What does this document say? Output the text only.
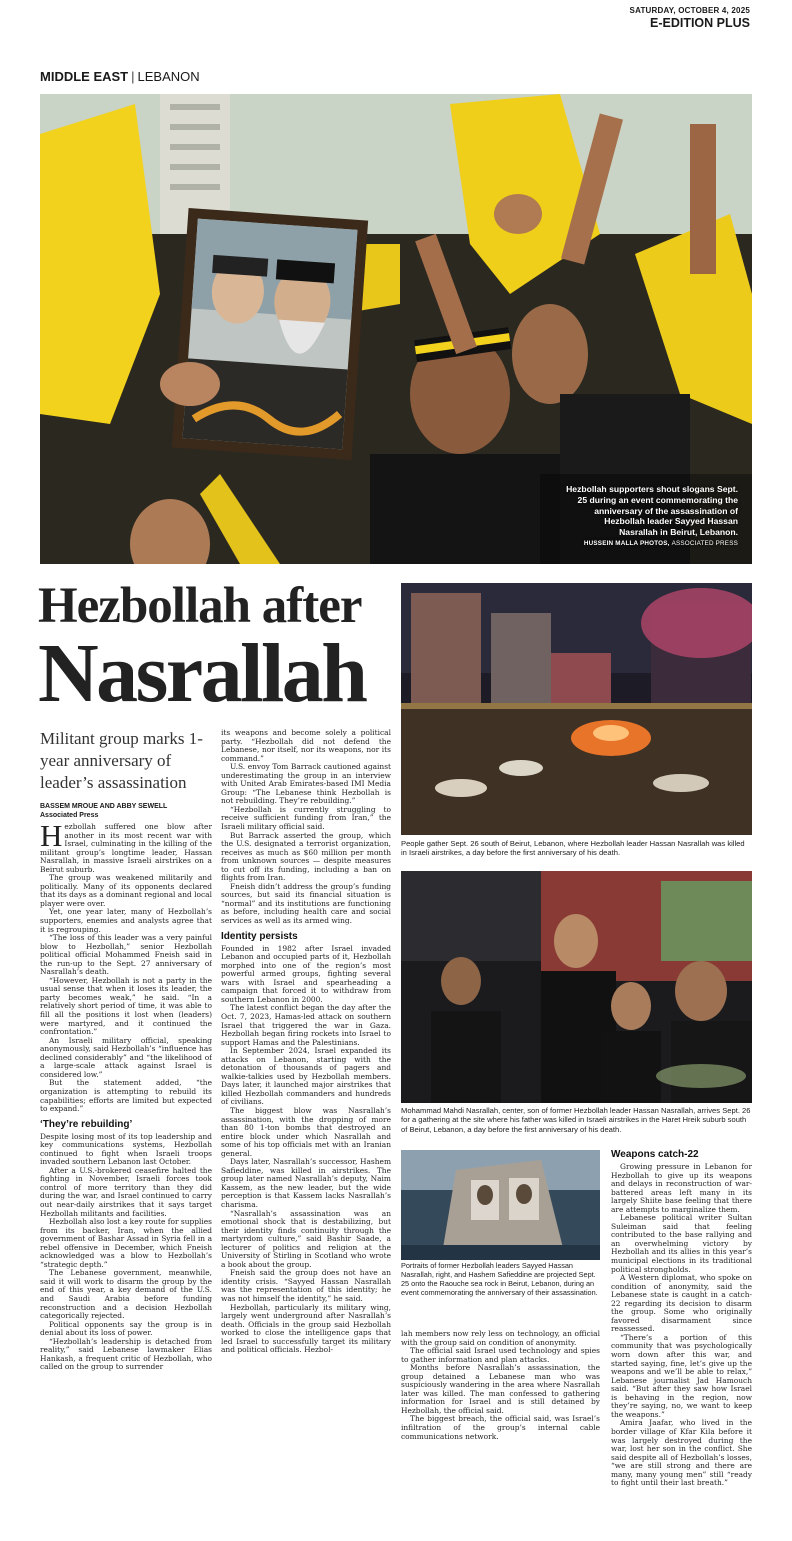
SATURDAY, OCTOBER 4, 2025
E-EDITION PLUS
MIDDLE EAST | LEBANON
Hezbollah supporters shout slogans Sept. 25 during an event commemorating the anniversary of the assassination of Hezbollah leader Sayyed Hassan Nasrallah in Beirut, Lebanon.
HUSSEIN MALLA PHOTOS, ASSOCIATED PRESS
Hezbollah after
Nasrallah
Militant group marks 1-year anniversary of leader’s assassination
BASSEM MROUE AND ABBY SEWELL
Associated Press

Hezbollah suffered one blow after another in its most recent war with Israel, culminating in the killing of the militant group’s longtime leader, Hassan Nasrallah, in massive Israeli airstrikes on a Beirut suburb.

The group was weakened militarily and politically. Many of its opponents declared that its days as a dominant regional and local player were over.

Yet, one year later, many of Hezbollah’s supporters, enemies and analysts agree that it is regrouping.

“The loss of this leader was a very painful blow to Hezbollah,” senior Hezbollah political official Mohammed Fneish said in the run-up to the Sept. 27 anniversary of Nasrallah’s death.

“However, Hezbollah is not a party in the usual sense that when it loses its leader, the party becomes weak,” he said. “In a relatively short period of time, it was able to fill all the positions it lost when (leaders) were martyred, and it continued the confrontation.”

An Israeli military official, speaking anonymously, said Hezbollah’s “influence has declined considerably” and “the likelihood of a large-scale attack against Israel is considered low.”

But the statement added, “the organization is attempting to rebuild its capabilities; efforts are limited but expected to expand.”

‘They’re rebuilding’

Despite losing most of its top leadership and key communications systems, Hezbollah continued to fight when Israeli troops invaded southern Lebanon last October.

After a U.S.-brokered ceasefire halted the fighting in November, Israeli forces took control of more territory than they did during the war, and Israel continued to carry out near-daily airstrikes that it says target Hezbollah militants and facilities.

Hezbollah also lost a key route for supplies from its backer, Iran, when the allied government of Bashar Assad in Syria fell in a rebel offensive in December, which Fneish acknowledged was a blow to Hezbollah’s “strategic depth.”

The Lebanese government, meanwhile, said it will work to disarm the group by the end of this year, a key demand of the U.S. and Saudi Arabia before funding reconstruction and a decision Hezbollah categorically rejected.

Political opponents say the group is in denial about its loss of power.

“Hezbollah’s leadership is detached from reality,” said Lebanese lawmaker Elias Hankash, a frequent critic of Hezbollah, who called on the group to surrender

its weapons and become solely a political party. “Hezbollah did not defend the Lebanese, nor itself, nor its weapons, nor its command.”

U.S. envoy Tom Barrack cautioned against underestimating the group in an interview with United Arab Emirates-based IMI Media Group: “The Lebanese think Hezbollah is not rebuilding. They’re rebuilding.”

“Hezbollah is currently struggling to receive sufficient funding from Iran,” the Israeli military official said.

But Barrack asserted the group, which the U.S. designated a terrorist organization, receives as much as $60 million per month from unknown sources — despite measures to cut off its funding, including a ban on flights from Iran.

Fneish didn’t address the group’s funding sources, but said its financial situation is “normal” and its institutions are functioning as before, including health care and social services as well as its armed wing.

Identity persists

Founded in 1982 after Israel invaded Lebanon and occupied parts of it, Hezbollah morphed into one of the region’s most powerful armed groups, fighting several wars with Israel and spearheading a campaign that forced it to withdraw from southern Lebanon in 2000.

The latest conflict began the day after the Oct. 7, 2023, Hamas-led attack on southern Israel that triggered the war in Gaza. Hezbollah began firing rockets into Israel to support Hamas and the Palestinians.

In September 2024, Israel expanded its attacks on Lebanon, starting with the detonation of thousands of pagers and walkie-talkies used by Hezbollah members. Days later, it launched major airstrikes that killed Hezbollah commanders and hundreds of civilians.

The biggest blow was Nasrallah’s assassination, with the dropping of more than 80 1-ton bombs that destroyed an entire block under which Nasrallah and some of his top officials met with an Iranian general.

Days later, Nasrallah’s successor, Hashem Safieddine, was killed in airstrikes. The group later named Nasrallah’s deputy, Naim Kassem, as the new leader, but the wide perception is that Kassem lacks Nasrallah’s charisma.

“Nasrallah’s assassination was an emotional shock that is destabilizing, but their identity finds continuity through the martyrdom culture,” said Bashir Saade, a lecturer of politics and religion at the University of Stirling in Scotland who wrote a book about the group.

Fneish said the group does not have an identity crisis. “Sayyed Hassan Nasrallah was the representation of this identity; he was not himself the identity,” he said.

Hezbollah, particularly its military wing, largely went underground after Nasrallah’s death. Officials in the group said Hezbollah worked to close the intelligence gaps that led Israel to successfully target its military and political officials. Hezbol-

People gather Sept. 26 south of Beirut, Lebanon, where Hezbollah leader Hassan Nasrallah was killed in Israeli airstrikes, a day before the first anniversary of his death.
Mohammad Mahdi Nasrallah, center, son of former Hezbollah leader Hassan Nasrallah, arrives Sept. 26 for a gathering at the site where his father was killed in Israeli airstrikes in the Haret Hreik suburb south of Beirut, Lebanon, a day before the first anniversary of his death.
Portraits of former Hezbollah leaders Sayyed Hassan Nasrallah, right, and Hashem Safieddine are projected Sept. 25 onto the Raouche sea rock in Beirut, Lebanon, during an event commemorating the anniversary of their assassination.

lah members now rely less on technology, an official with the group said on condition of anonymity.

The official said Israel used technology and spies to gather information and plan attacks.

Months before Nasrallah’s assassination, the group detained a Lebanese man who was suspiciously wandering in the area where Nasrallah later was killed. The man confessed to gathering information for Israel and is still detained by Hezbollah, the official said.

The biggest breach, the official said, was Israel’s infiltration of the group’s internal cable communications network.

Weapons catch-22

Growing pressure in Lebanon for Hezbollah to give up its weapons and delays in reconstruction of war-battered areas left many in its largely Shiite base feeling that there are attempts to marginalize them.

Lebanese political writer Sultan Suleiman said that feeling contributed to the base rallying and an overwhelming victory by Hezbollah and its allies in this year’s municipal elections in its traditional political strongholds.

A Western diplomat, who spoke on condition of anonymity, said the Lebanese state is caught in a catch-22 regarding its decision to disarm the group. Some who originally favored disarmament since reassessed.

“There’s a portion of this community that was psychologically worn down after this war, and started saying, fine, let’s give up the weapons and we’ll be able to relax,” Lebanese journalist Jad Hamouch said. “But after they saw how Israel is behaving in the region, now they’re saying, no, we want to keep the weapons.”

Amira Jaafar, who lived in the border village of Kfar Kila before it was largely destroyed during the war, lost her son in the conflict. She said despite all of Hezbollah’s losses, “we are still strong and there are many, many young men” still “ready to fight until their last breath.”
